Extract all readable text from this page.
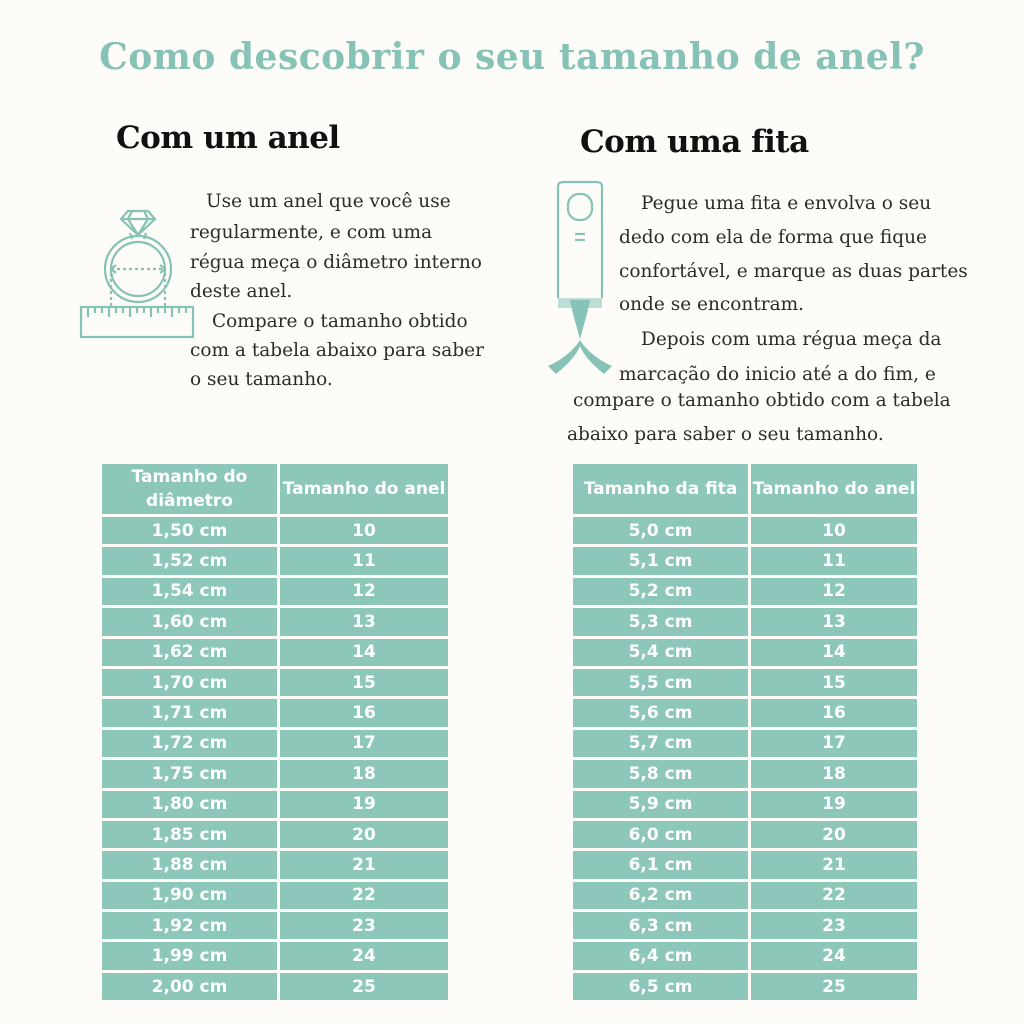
Como descobrir o seu tamanho de anel?
Com um anel	Com uma fita
Use um anel que você use
regularmente, e com uma
régua meça o diâmetro interno
deste anel.
Compare o tamanho obtido
com a tabela abaixo para saber
o seu tamanho.
Pegue uma fita e envolva o seu
dedo com ela de forma que fique
confortável, e marque as duas partes
onde se encontram.
Depois com uma régua meça da
marcação do inicio até a do fim, e
compare o tamanho obtido com a tabela
abaixo para saber o seu tamanho.
Tamanho do diâmetro	Tamanho do anel
1,50 cm	10
1,52 cm	11
1,54 cm	12
1,60 cm	13
1,62 cm	14
1,70 cm	15
1,71 cm	16
1,72 cm	17
1,75 cm	18
1,80 cm	19
1,85 cm	20
1,88 cm	21
1,90 cm	22
1,92 cm	23
1,99 cm	24
2,00 cm	25
Tamanho da fita	Tamanho do anel
5,0 cm	10
5,1 cm	11
5,2 cm	12
5,3 cm	13
5,4 cm	14
5,5 cm	15
5,6 cm	16
5,7 cm	17
5,8 cm	18
5,9 cm	19
6,0 cm	20
6,1 cm	21
6,2 cm	22
6,3 cm	23
6,4 cm	24
6,5 cm	25
